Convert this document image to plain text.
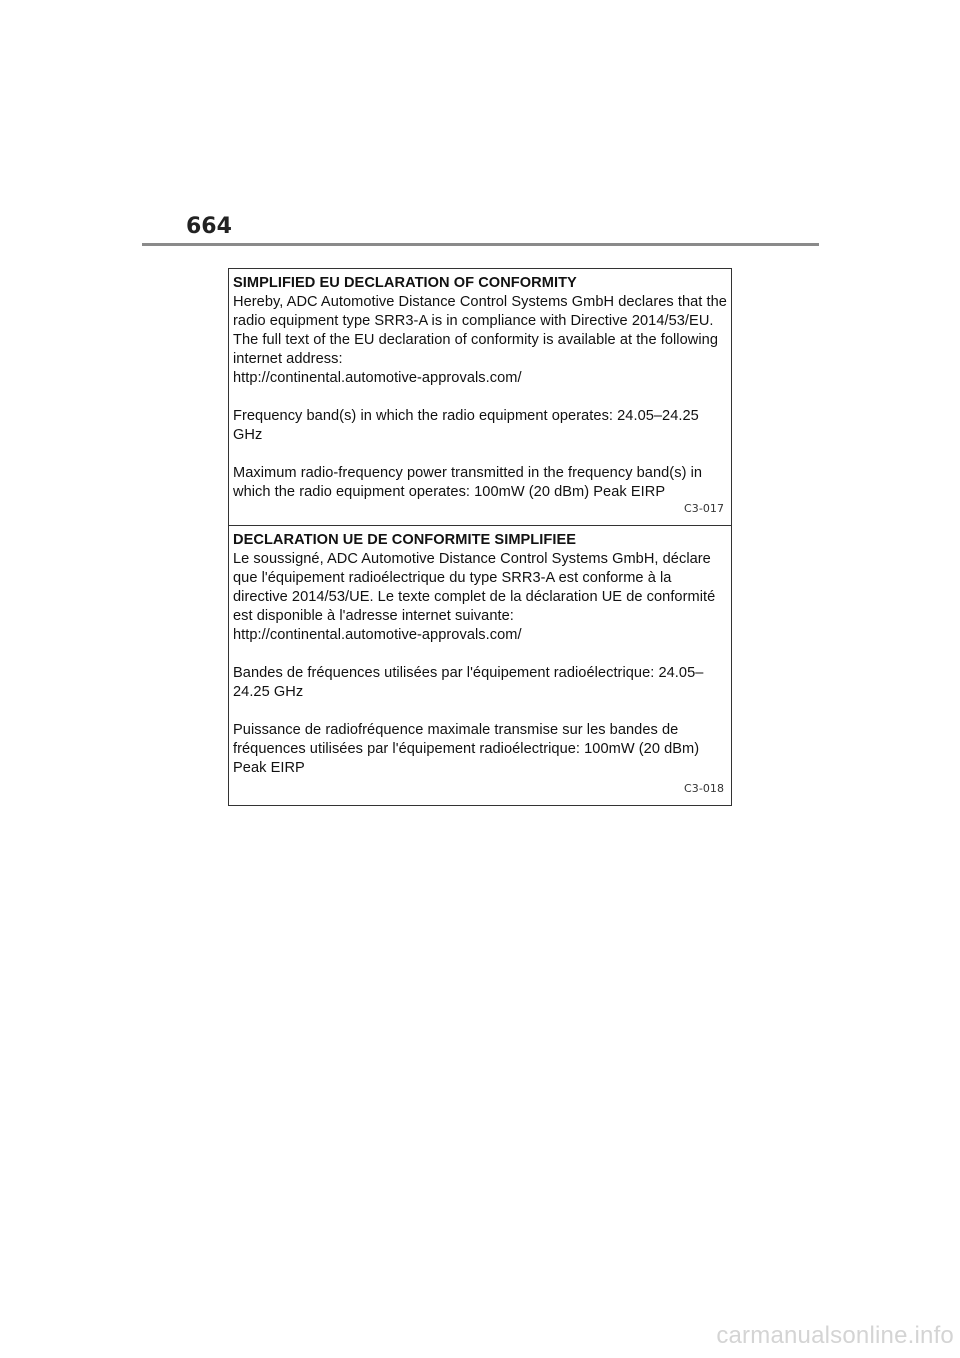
664

SIMPLIFIED EU DECLARATION OF CONFORMITY

Hereby, ADC Automotive Distance Control Systems GmbH declares that the radio equipment type SRR3-A is in compliance with Directive 2014/53/EU. The full text of the EU declaration of conformity is available at the following internet address:

http://continental.automotive-approvals.com/

Frequency band(s) in which the radio equipment operates: 24.05–24.25 GHz

Maximum radio-frequency power transmitted in the frequency band(s) in which the radio equipment operates: 100mW (20 dBm) Peak EIRP

C3-017

DECLARATION UE DE CONFORMITE SIMPLIFIEE

Le soussigné, ADC Automotive Distance Control Systems GmbH, déclare que l'équipement radioélectrique du type SRR3-A est conforme à la directive 2014/53/UE. Le texte complet de la déclaration UE de conformité est disponible à l'adresse internet suivante:

http://continental.automotive-approvals.com/

Bandes de fréquences utilisées par l'équipement radioélectrique: 24.05–24.25 GHz

Puissance de radiofréquence maximale transmise sur les bandes de fréquences utilisées par l'équipement radioélectrique: 100mW (20 dBm) Peak EIRP

C3-018
carmanualsonline.info
